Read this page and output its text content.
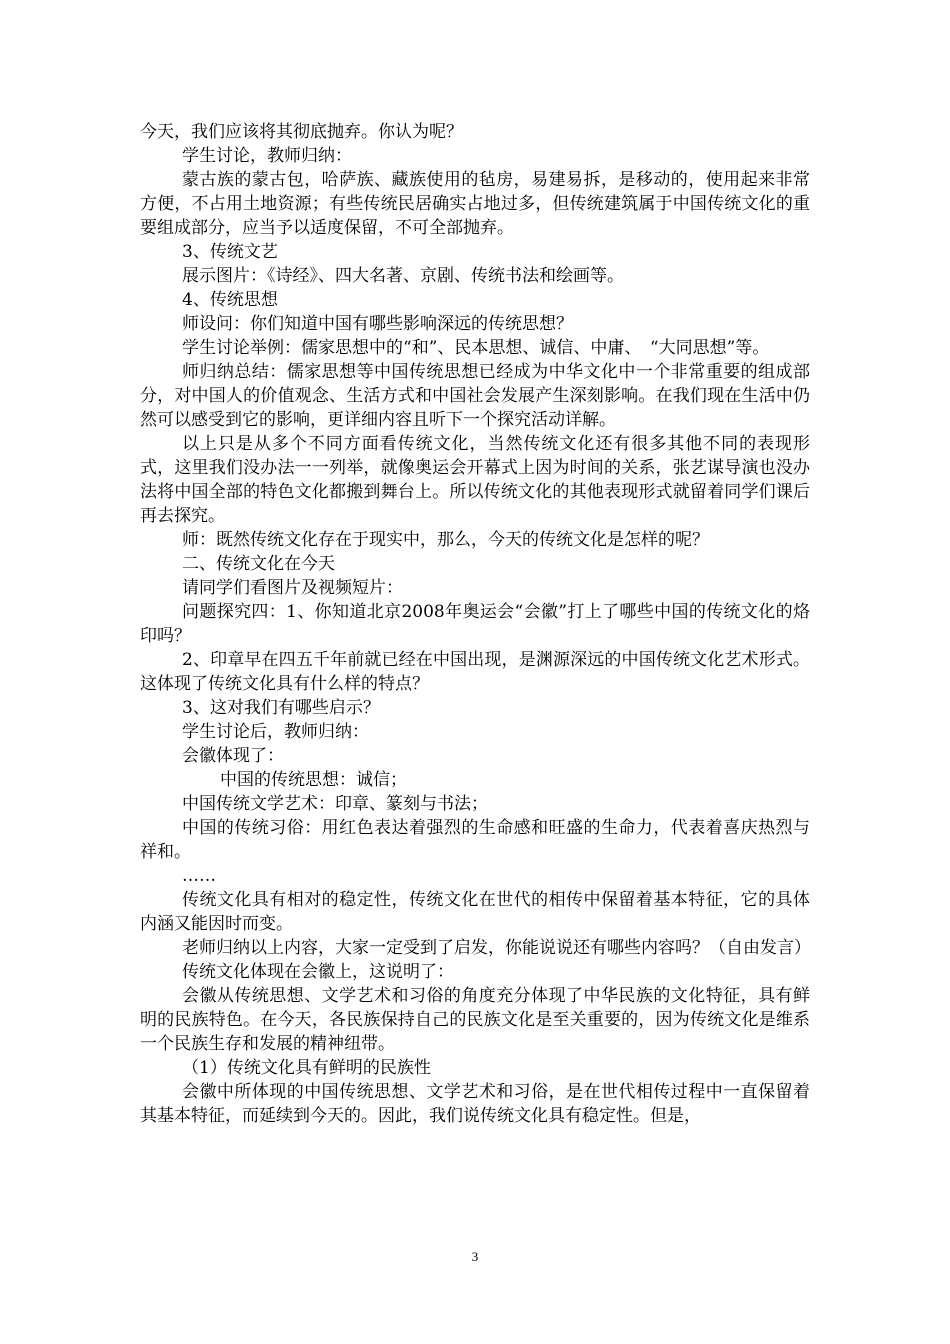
今天，我们应该将其彻底抛弃。你认为呢？

学生讨论，教师归纳：

蒙古族的蒙古包，哈萨族、藏族使用的毡房，易建易拆，是移动的，使用起来非常方便，不占用土地资源；有些传统民居确实占地过多，但传统建筑属于中国传统文化的重要组成部分，应当予以适度保留，不可全部抛弃。

3、传统文艺

展示图片：《诗经》、四大名著、京剧、传统书法和绘画等。

4、传统思想

师设问：你们知道中国有哪些影响深远的传统思想？

学生讨论举例：儒家思想中的“和”、民本思想、诚信、中庸、　“大同思想”等。

师归纳总结：儒家思想等中国传统思想已经成为中华文化中一个非常重要的组成部分，对中国人的价值观念、生活方式和中国社会发展产生深刻影响。在我们现在生活中仍然可以感受到它的影响，更详细内容且听下一个探究活动详解。

以上只是从多个不同方面看传统文化，当然传统文化还有很多其他不同的表现形式，这里我们没办法一一列举，就像奥运会开幕式上因为时间的关系，张艺谋导演也没办法将中国全部的特色文化都搬到舞台上。所以传统文化的其他表现形式就留着同学们课后再去探究。

师：既然传统文化存在于现实中，那么，今天的传统文化是怎样的呢？

二、传统文化在今天

请同学们看图片及视频短片：

问题探究四：1、你知道北京2008年奥运会“会徽”打上了哪些中国的传统文化的烙印吗？

2、印章早在四五千年前就已经在中国出现，是渊源深远的中国传统文化艺术形式。这体现了传统文化具有什么样的特点？

3、这对我们有哪些启示？

学生讨论后，教师归纳：

会徽体现了：

中国的传统思想：诚信；

中国传统文学艺术：印章、篆刻与书法；

中国的传统习俗：用红色表达着强烈的生命感和旺盛的生命力，代表着喜庆热烈与祥和。

……

传统文化具有相对的稳定性，传统文化在世代的相传中保留着基本特征，它的具体内涵又能因时而变。

老师归纳以上内容，大家一定受到了启发，你能说说还有哪些内容吗？（自由发言）

传统文化体现在会徽上，这说明了：

会徽从传统思想、文学艺术和习俗的角度充分体现了中华民族的文化特征，具有鲜明的民族特色。在今天，各民族保持自己的民族文化是至关重要的，因为传统文化是维系一个民族生存和发展的精神纽带。

（1）传统文化具有鲜明的民族性

会徽中所体现的中国传统思想、文学艺术和习俗，是在世代相传过程中一直保留着其基本特征，而延续到今天的。因此，我们说传统文化具有稳定性。但是，

3
